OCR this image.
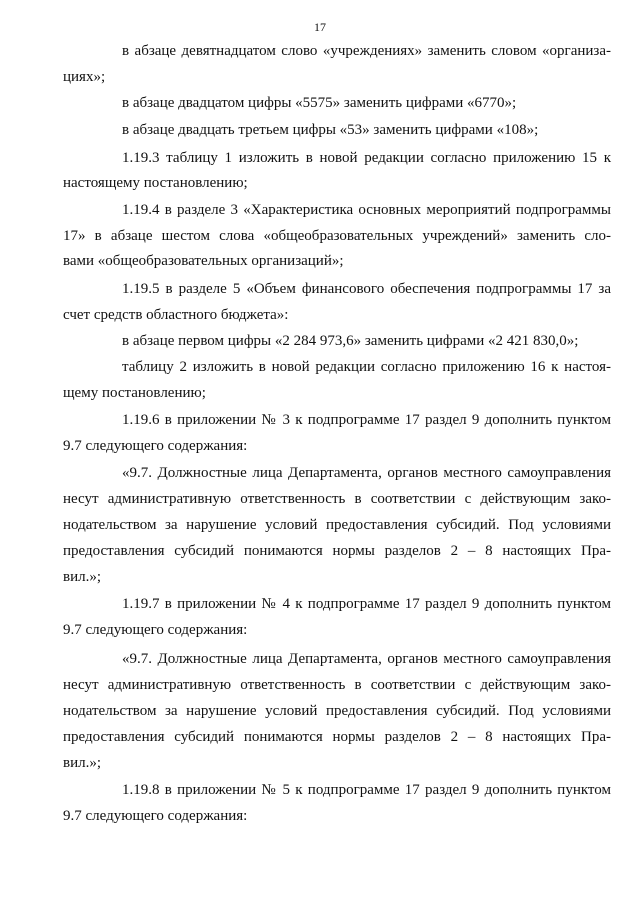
17
в абзаце девятнадцатом слово «учреждениях» заменить словом «организа-
циях»;
в абзаце двадцатом цифры «5575» заменить цифрами «6770»;
в абзаце двадцать третьем цифры «53» заменить цифрами «108»;
1.19.3 таблицу 1 изложить в новой редакции согласно приложению 15 к
настоящему постановлению;
1.19.4 в разделе 3 «Характеристика основных мероприятий подпрограммы
17» в абзаце шестом слова «общеобразовательных учреждений» заменить сло-
вами «общеобразовательных организаций»;
1.19.5 в разделе 5 «Объем финансового обеспечения подпрограммы 17 за
счет средств областного бюджета»:
в абзаце первом цифры «2 284 973,6» заменить цифрами «2 421 830,0»;
таблицу 2 изложить в новой редакции согласно приложению 16 к настоя-
щему постановлению;
1.19.6 в приложении № 3 к подпрограмме 17 раздел 9 дополнить пунктом
9.7 следующего содержания:
«9.7. Должностные лица Департамента, органов местного самоуправления
несут административную ответственность в соответствии с действующим зако-
нодательством за нарушение условий предоставления субсидий. Под условиями
предоставления субсидий понимаются нормы разделов 2 – 8 настоящих Пра-
вил.»;
1.19.7 в приложении № 4 к подпрограмме 17 раздел 9 дополнить пунктом
9.7 следующего содержания:
«9.7. Должностные лица Департамента, органов местного самоуправления
несут административную ответственность в соответствии с действующим зако-
нодательством за нарушение условий предоставления субсидий. Под условиями
предоставления субсидий понимаются нормы разделов 2 – 8 настоящих Пра-
вил.»;
1.19.8 в приложении № 5 к подпрограмме 17 раздел 9 дополнить пунктом
9.7 следующего содержания:
